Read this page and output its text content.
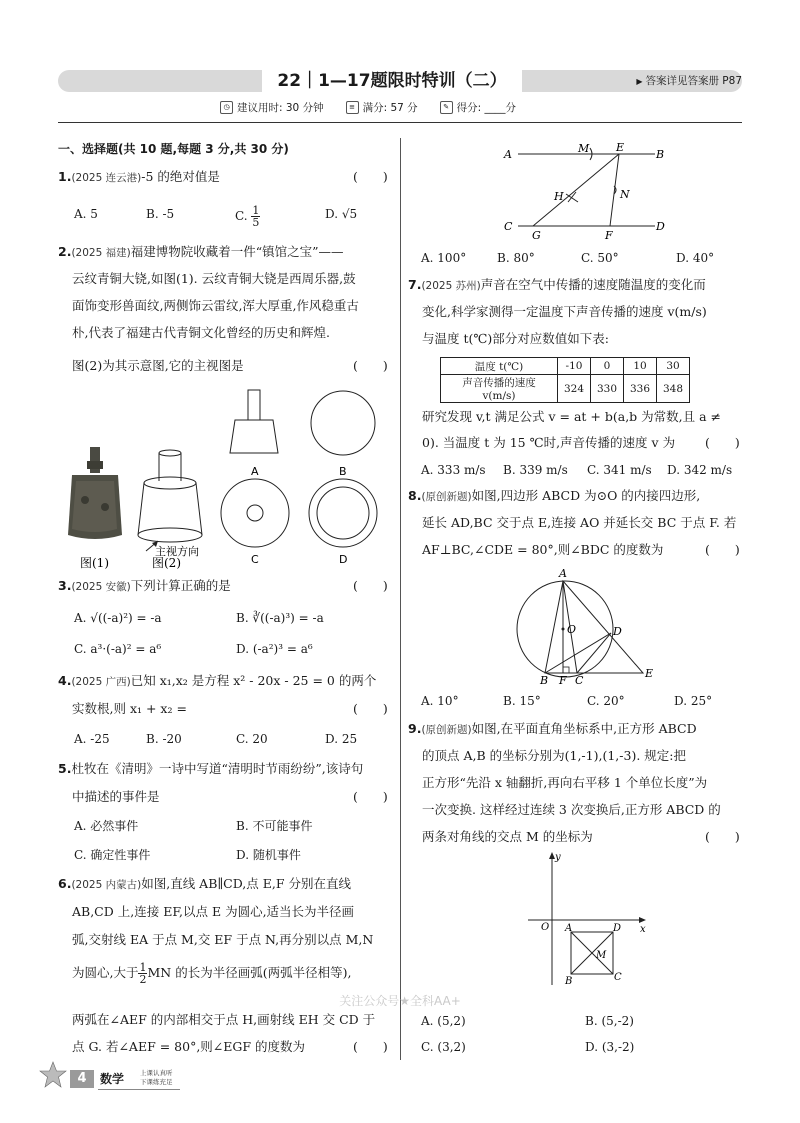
22｜1—17题限时特训（二）	▶ 答案详见答案册 P87
◷ 建议用时: 30 分钟	≡ 满分: 57 分	✎ 得分: ____分
一、选择题(共 10 题,每题 3 分,共 30 分)
1.(2025 连云港)-5 的绝对值是	(　　)
A. 5	B. -5	C. $\frac{1}{5}$	D. √5
2.(2025 福建)福建博物院收藏着一件“镇馆之宝”——
云纹青铜大铙,如图(1). 云纹青铜大铙是西周乐器,鼓
面饰变形兽面纹,两侧饰云雷纹,浑大厚重,作风稳重古
朴,代表了福建古代青铜文化曾经的历史和辉煌.
图(2)为其示意图,它的主视图是	(　　)
主视方向
图(1)	图(2)
A	B
C	D
3.(2025 安徽)下列计算正确的是	(　　)
A. √((-a)²) = -a	B. ∛((-a)³) = -a
C. a³·(-a)² = a⁶	D. (-a²)³ = a⁶
4.(2025 广西)已知 x₁,x₂ 是方程 x² - 20x - 25 = 0 的两个
实数根,则 x₁ + x₂ =	(　　)
A. -25	B. -20	C. 20	D. 25
5.杜牧在《清明》一诗中写道“清明时节雨纷纷”,该诗句
中描述的事件是	(　　)
A. 必然事件	B. 不可能事件
C. 确定性事件	D. 随机事件
6.(2025 内蒙古)如图,直线 AB∥CD,点 E,F 分别在直线
AB,CD 上,连接 EF,以点 E 为圆心,适当长为半径画
弧,交射线 EA 于点 M,交 EF 于点 N,再分别以点 M,N
为圆心,大于 $\frac{1}{2}$ MN 的长为半径画弧(两弧半径相等),
两弧在∠AEF 的内部相交于点 H,画射线 EH 交 CD 于
点 G. 若∠AEF = 80°,则∠EGF 的度数为	(　　)
A	M E
B
H	N
C
G	F
D
A. 100°	B. 80°	C. 50°	D. 40°
7.(2025 苏州)声音在空气中传播的速度随温度的变化而
变化,科学家测得一定温度下声音传播的速度 v(m/s)
与温度 t(℃)部分对应数值如下表:
温度 t(℃)	-10	0	10	30
声音传播的速度 v(m/s)	324	330	336	348
研究发现 v,t 满足公式 v = at + b(a,b 为常数,且 a ≠
0). 当温度 t 为 15 ℃时,声音传播的速度 v 为 (　　)
A. 333 m/s B. 339 m/s C. 341 m/s D. 342 m/s
8.(原创新题)如图,四边形 ABCD 为⊙O 的内接四边形,
延长 AD,BC 交于点 E,连接 AO 并延长交 BC 于点 F. 若
AF⊥BC,∠CDE = 80°,则∠BDC 的度数为	(　　)
A
O	D
B F C
E
A. 10°	B. 15°	C. 20°	D. 25°
9.(原创新题)如图,在平面直角坐标系中,正方形 ABCD
的顶点 A,B 的坐标分别为(1,-1),(1,-3). 规定:把
正方形“先沿 x 轴翻折,再向右平移 1 个单位长度”为
一次变换. 这样经过连续 3 次变换后,正方形 ABCD 的
两条对角线的交点 M 的坐标为	(　　)
y
x
O A	D
M
B	C
关注公众号★全科AA+
A. (5,2)	B. (5,-2)
C. (3,2)	D. (3,-2)
4	数学 上课认真听
下课练充足
